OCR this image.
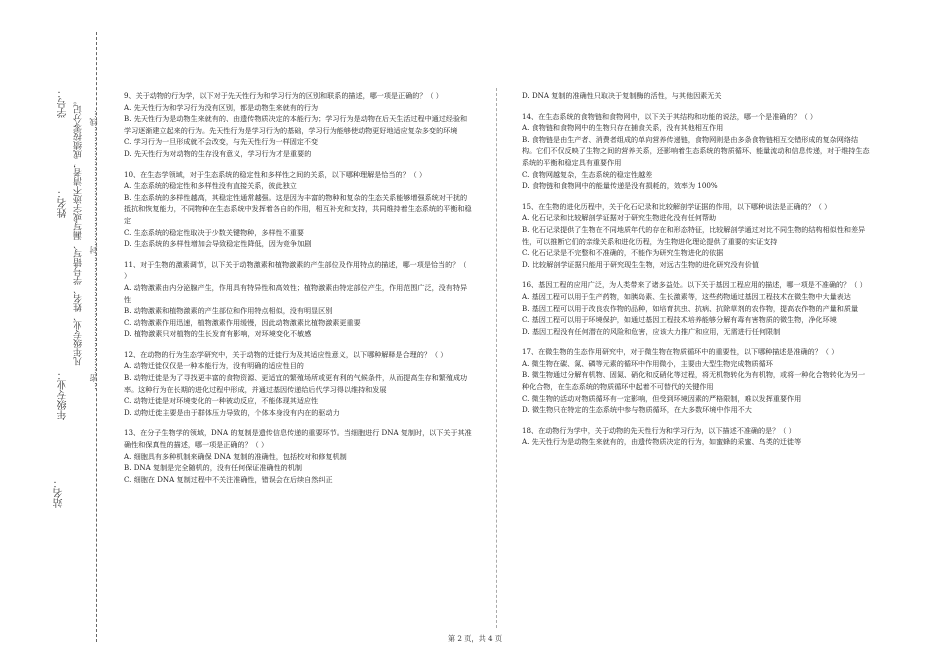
站名：
年级专业：
姓名：
学号： 凡年级专业、姓名、学号错写、漏写或字迹不清者，成绩按零分记。 …密………………………………………封………………………………………线…

9、关于动物的行为学，以下对于先天性行为和学习行为的区别和联系的描述，哪一项是正确的？（ ）

A. 先天性行为和学习行为没有区别，都是动物生来就有的行为

B. 先天性行为是动物生来就有的、由遗传物质决定的本能行为；学习行为是动物在后天生活过程中通过经验和学习逐渐建立起来的行为。先天性行为是学习行为的基础，学习行为能够使动物更好地适应复杂多变的环境

C. 学习行为一旦形成就不会改变，与先天性行为一样固定不变

D. 先天性行为对动物的生存没有意义，学习行为才是重要的

10、在生态学领域，对于生态系统的稳定性和多样性之间的关系，以下哪种理解是恰当的？（ ）

A. 生态系统的稳定性和多样性没有直接关系，彼此独立

B. 生态系统的多样性越高，其稳定性通常越强。这是因为丰富的物种和复杂的生态关系能够增强系统对干扰的抵抗和恢复能力，不同物种在生态系统中发挥着各自的作用，相互补充和支持，共同维持着生态系统的平衡和稳定

C. 生态系统的稳定性取决于少数关键物种，多样性不重要

D. 生态系统的多样性增加会导致稳定性降低，因为竞争加剧

11、对于生物的激素调节，以下关于动物激素和植物激素的产生部位及作用特点的描述，哪一项是恰当的？（ ）

A. 动物激素由内分泌腺产生，作用具有特异性和高效性；植物激素由特定部位产生，作用范围广泛，没有特异性

B. 动物激素和植物激素的产生部位和作用特点相似，没有明显区别

C. 动物激素作用迅速，植物激素作用缓慢，因此动物激素比植物激素更重要

D. 植物激素只对植物的生长发育有影响，对环境变化不敏感

12、在动物的行为生态学研究中，关于动物的迁徙行为及其适应性意义，以下哪种解释是合理的？（ ）

A. 动物迁徙仅仅是一种本能行为，没有明确的适应性目的

B. 动物迁徙是为了寻找更丰富的食物资源、更适宜的繁殖场所或更有利的气候条件，从而提高生存和繁殖成功率。这种行为在长期的进化过程中形成，并通过基因传递给后代学习得以维持和发展

C. 动物迁徙是对环境变化的一种被动反应，不能体现其适应性

D. 动物迁徙主要是由于群体压力导致的，个体本身没有内在的驱动力

13、在分子生物学的领域，DNA 的复制是遗传信息传递的重要环节。当细胞进行 DNA 复制时，以下关于其准确性和保真性的描述，哪一项是正确的？（ ）

A. 细胞具有多种机制来确保 DNA 复制的准确性，包括校对和修复机制

B. DNA 复制是完全随机的，没有任何保证准确性的机制

C. 细胞在 DNA 复制过程中不关注准确性，错误会在后续自然纠正

D. DNA 复制的准确性只取决于复制酶的活性，与其他因素无关

14、在生态系统的食物链和食物网中，以下关于其结构和功能的说法，哪一个是准确的？（ ）

A. 食物链和食物网中的生物只存在捕食关系，没有其他相互作用

B. 食物链是由生产者、消费者组成的单向营养传递链，食物网则是由多条食物链相互交错形成的复杂网络结构。它们不仅反映了生物之间的营养关系，还影响着生态系统的物质循环、能量流动和信息传递，对于维持生态系统的平衡和稳定具有重要作用

C. 食物网越复杂，生态系统的稳定性越差

D. 食物链和食物网中的能量传递是没有损耗的，效率为 100%

15、在生物的进化历程中，关于化石记录和比较解剖学证据的作用，以下哪种说法是正确的？（ ）

A. 化石记录和比较解剖学证据对于研究生物进化没有任何帮助

B. 化石记录提供了生物在不同地质年代的存在和形态特征，比较解剖学通过对比不同生物的结构相似性和差异性，可以推断它们的亲缘关系和进化历程，为生物进化理论提供了重要的实证支持

C. 化石记录是不完整和不准确的，不能作为研究生物进化的依据

D. 比较解剖学证据只能用于研究现生生物，对远古生物的进化研究没有价值

16、基因工程的应用广泛，为人类带来了诸多益处。以下关于基因工程应用的描述，哪一项是不准确的？（ ）

A. 基因工程可以用于生产药物，如胰岛素、生长激素等，这些药物通过基因工程技术在微生物中大量表达

B. 基因工程可以用于改良农作物的品种，如培育抗虫、抗病、抗除草剂的农作物，提高农作物的产量和质量

C. 基因工程可以用于环境保护，如通过基因工程技术培养能够分解有毒有害物质的微生物，净化环境

D. 基因工程没有任何潜在的风险和危害，应该大力推广和应用，无需进行任何限制

17、在微生物的生态作用研究中，对于微生物在物质循环中的重要性，以下哪种描述是准确的？（ ）

A. 微生物在碳、氮、磷等元素的循环中作用微小，主要由大型生物完成物质循环

B. 微生物通过分解有机物、固氮、硝化和反硝化等过程，将无机物转化为有机物，或将一种化合物转化为另一种化合物，在生态系统的物质循环中起着不可替代的关键作用

C. 微生物的活动对物质循环有一定影响，但受到环境因素的严格限制，难以发挥重要作用

D. 微生物只在特定的生态系统中参与物质循环，在大多数环境中作用不大

18、在动物行为学中，关于动物的先天性行为和学习行为，以下描述不准确的是？（ ）

A. 先天性行为是动物生来就有的，由遗传物质决定的行为，如蜜蜂的采蜜、鸟类的迁徙等

第 2 页，共 4 页
